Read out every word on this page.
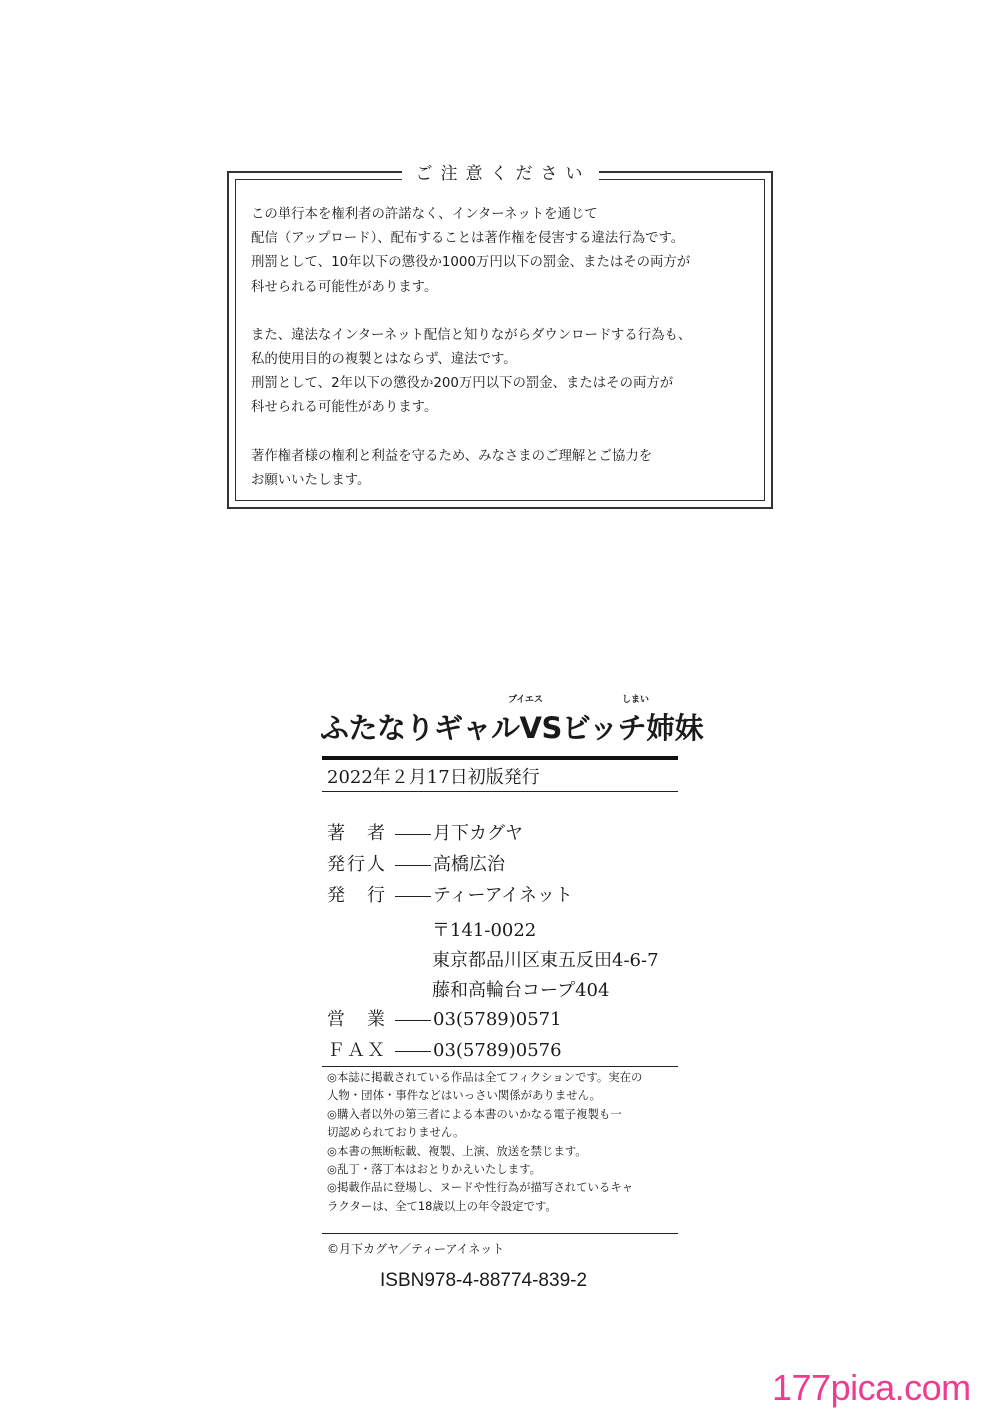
ご注意ください

この単行本を権利者の許諾なく、インターネットを通じて
配信（アップロード）、配布することは著作権を侵害する違法行為です。
刑罰として、10年以下の懲役か1000万円以下の罰金、またはその両方が
科せられる可能性があります。

また、違法なインターネット配信と知りながらダウンロードする行為も、
私的使用目的の複製とはならず、違法です。
刑罰として、2年以下の懲役か200万円以下の罰金、またはその両方が
科せられる可能性があります。

著作権者様の権利と利益を守るため、みなさまのご理解とご協力を
お願いいたします。

ブイエス	しまい
ふたなりギャルVSビッチ姉妹
2022年２月17日初版発行
著　者	月下カグヤ
発行人	高橋広治
発　行	ティーアイネット
〒141-0022
東京都品川区東五反田4-6-7
藤和高輪台コープ404
営　業	03(5789)0571
ＦＡＸ	03(5789)0576
◎本誌に掲載されている作品は全てフィクションです。実在の
人物・団体・事件などはいっさい関係がありません。
◎購入者以外の第三者による本書のいかなる電子複製も一
切認められておりません。
◎本書の無断転載、複製、上演、放送を禁じます。
◎乱丁・落丁本はおとりかえいたします。
◎掲載作品に登場し、ヌードや性行為が描写されているキャ
ラクターは、全て18歳以上の年令設定です。
©月下カグヤ／ティーアイネット
ISBN978-4-88774-839-2
177pica.com
